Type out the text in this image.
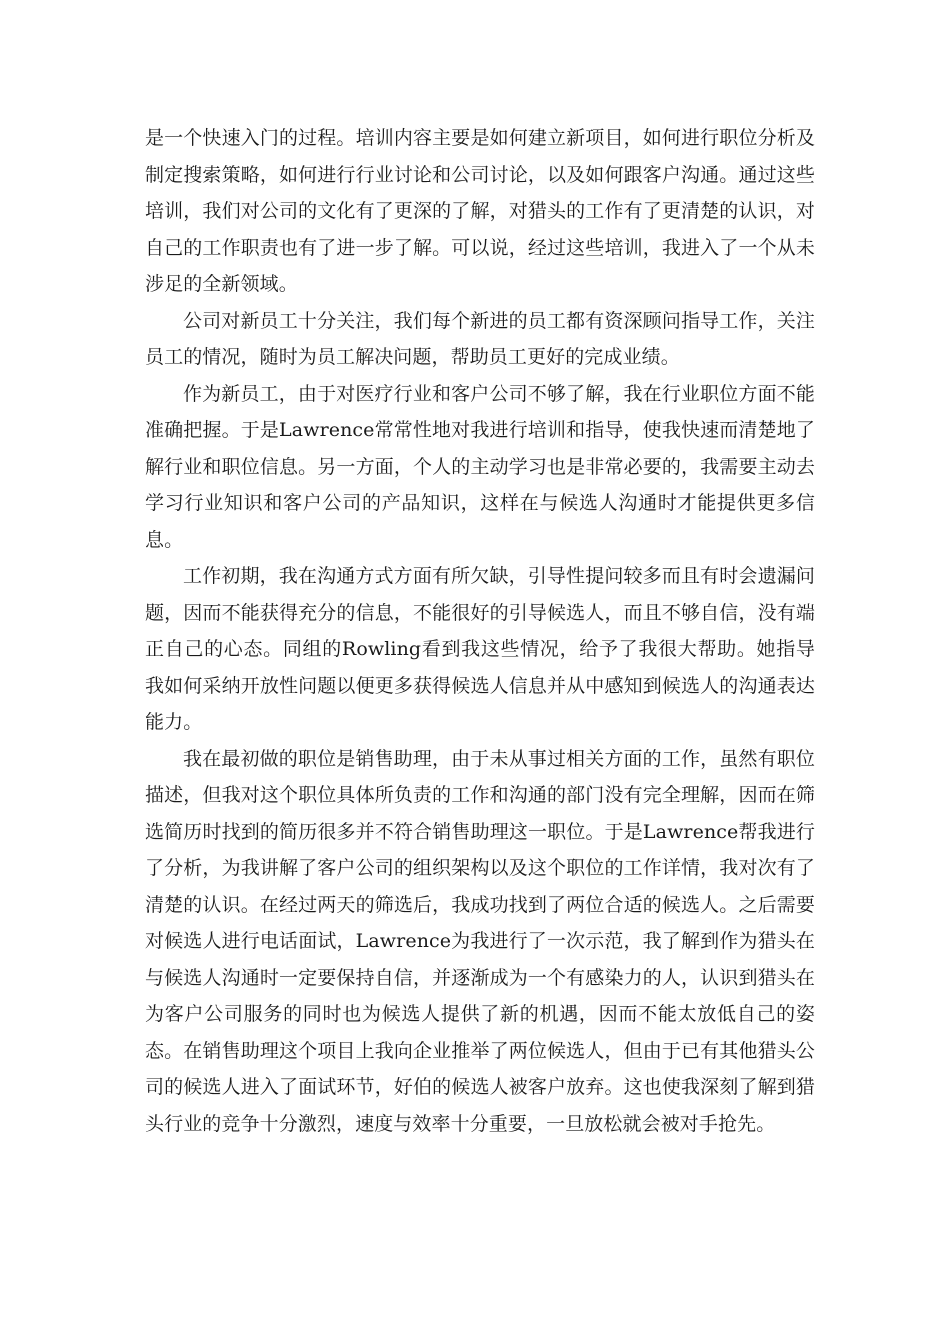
是一个快速入门的过程。培训内容主要是如何建立新项目，如何进行职位分析及制定搜索策略，如何进行行业讨论和公司讨论，以及如何跟客户沟通。通过这些培训，我们对公司的文化有了更深的了解，对猎头的工作有了更清楚的认识，对自己的工作职责也有了进一步了解。可以说，经过这些培训，我进入了一个从未涉足的全新领域。

公司对新员工十分关注，我们每个新进的员工都有资深顾问指导工作，关注员工的情况，随时为员工解决问题，帮助员工更好的完成业绩。

作为新员工，由于对医疗行业和客户公司不够了解，我在行业职位方面不能准确把握。于是Lawrence常常性地对我进行培训和指导，使我快速而清楚地了解行业和职位信息。另一方面，个人的主动学习也是非常必要的，我需要主动去学习行业知识和客户公司的产品知识，这样在与候选人沟通时才能提供更多信息。

工作初期，我在沟通方式方面有所欠缺，引导性提问较多而且有时会遗漏问题，因而不能获得充分的信息，不能很好的引导候选人，而且不够自信，没有端正自己的心态。同组的Rowling看到我这些情况，给予了我很大帮助。她指导我如何采纳开放性问题以便更多获得候选人信息并从中感知到候选人的沟通表达能力。

我在最初做的职位是销售助理，由于未从事过相关方面的工作，虽然有职位描述，但我对这个职位具体所负责的工作和沟通的部门没有完全理解，因而在筛选简历时找到的简历很多并不符合销售助理这一职位。于是Lawrence帮我进行了分析，为我讲解了客户公司的组织架构以及这个职位的工作详情，我对次有了清楚的认识。在经过两天的筛选后，我成功找到了两位合适的候选人。之后需要对候选人进行电话面试，Lawrence为我进行了一次示范，我了解到作为猎头在与候选人沟通时一定要保持自信，并逐渐成为一个有感染力的人，认识到猎头在为客户公司服务的同时也为候选人提供了新的机遇，因而不能太放低自己的姿态。在销售助理这个项目上我向企业推举了两位候选人，但由于已有其他猎头公司的候选人进入了面试环节，好伯的候选人被客户放弃。这也使我深刻了解到猎头行业的竞争十分激烈，速度与效率十分重要，一旦放松就会被对手抢先。
